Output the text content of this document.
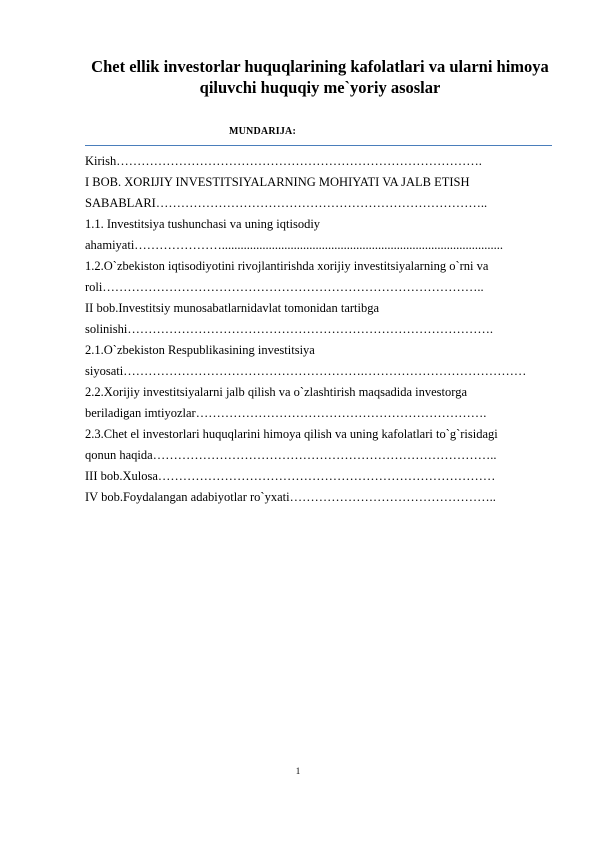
Chet ellik investorlar huquqlarining kafolatlari va ularni himoya
qiluvchi huquqiy me`yoriy asoslar
MUNDARIJA:
Kirish…………………………………………………………………………….
I BOB. XORIJIY INVESTITSIYALARNING MOHIYATI VA JALB ETISH
SABABLARI……………………………………………………………………..
1.1. Investitsiya tushunchasi va uning iqtisodiy
ahamiyati…………………..........................................................................................
1.2.O`zbekiston iqtisodiyotini rivojlantirishda xorijiy investitsiyalarning o`rni va
roli………………………………………………………………………………..
II bob.Investitsiy munosabatlarnidavlat tomonidan tartibga
solinishi…………………………………………………………………………….
2.1.O`zbekiston Respublikasining investitsiya
siyosati………………………………………………….…………………………………
2.2.Xorijiy investitsiyalarni jalb qilish va o`zlashtirish maqsadida investorga
beriladigan imtiyozlar…………………………………………………………….
2.3.Chet el investorlari huquqlarini himoya qilish va uning kafolatlari to`g`risidagi
qonun haqida………………………………………………………………………..
III bob.Xulosa………………………………………………………………………
IV bob.Foydalangan adabiyotlar ro`yxati…………………………………………..
1
